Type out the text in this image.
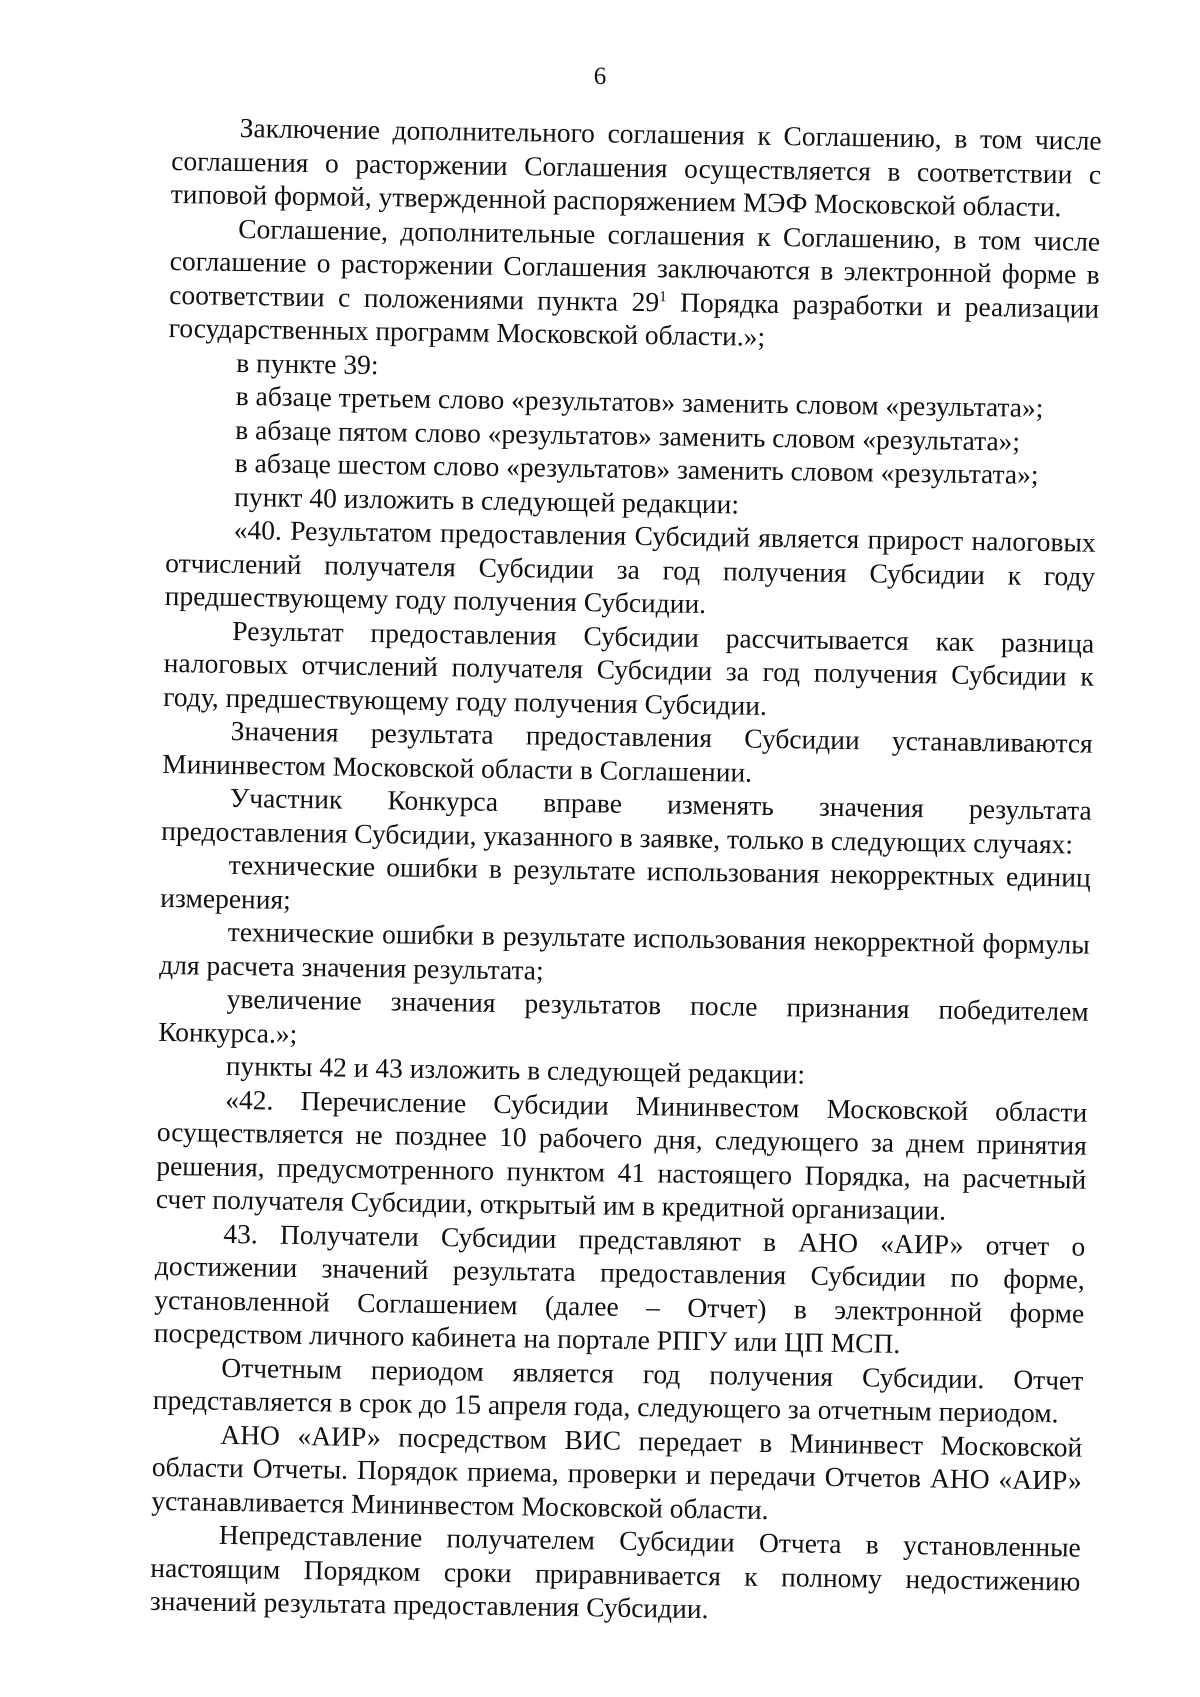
6

Заключение дополнительного соглашения к Соглашению, в том числе соглашения о расторжении Соглашения осуществляется в соответствии с типовой формой, утвержденной распоряжением МЭФ Московской области.

Соглашение, дополнительные соглашения к Соглашению, в том числе соглашение о расторжении Соглашения заключаются в электронной форме в соответствии с положениями пункта $29^1$ Порядка разработки и реализации государственных программ Московской области.»;

в пункте 39:

в абзаце третьем слово «результатов» заменить словом «результата»;

в абзаце пятом слово «результатов» заменить словом «результата»;

в абзаце шестом слово «результатов» заменить словом «результата»;

пункт 40 изложить в следующей редакции:

«40. Результатом предоставления Субсидий является прирост налоговых отчислений получателя Субсидии за год получения Субсидии к году предшествующему году получения Субсидии.

Результат предоставления Субсидии рассчитывается как разница налоговых отчислений получателя Субсидии за год получения Субсидии к году, предшествующему году получения Субсидии.

Значения результата предоставления Субсидии устанавливаются Мининвестом Московской области в Соглашении.

Участник Конкурса вправе изменять значения результата предоставления Субсидии, указанного в заявке, только в следующих случаях:

технические ошибки в результате использования некорректных единиц измерения;

технические ошибки в результате использования некорректной формулы для расчета значения результата;

увеличение значения результатов после признания победителем Конкурса.»;

пункты 42 и 43 изложить в следующей редакции:

«42. Перечисление Субсидии Мининвестом Московской области осуществляется не позднее 10 рабочего дня, следующего за днем принятия решения, предусмотренного пунктом 41 настоящего Порядка, на расчетный счет получателя Субсидии, открытый им в кредитной организации.

43. Получатели Субсидии представляют в АНО «АИР» отчет о достижении значений результата предоставления Субсидии по форме, установленной Соглашением (далее – Отчет) в электронной форме посредством личного кабинета на портале РПГУ или ЦП МСП.

Отчетным периодом является год получения Субсидии. Отчет представляется в срок до 15 апреля года, следующего за отчетным периодом.

АНО «АИР» посредством ВИС передает в Мининвест Московской области Отчеты. Порядок приема, проверки и передачи Отчетов АНО «АИР» устанавливается Мининвестом Московской области.

Непредставление получателем Субсидии Отчета в установленные настоящим Порядком сроки приравнивается к полному недостижению значений результата предоставления Субсидии.
